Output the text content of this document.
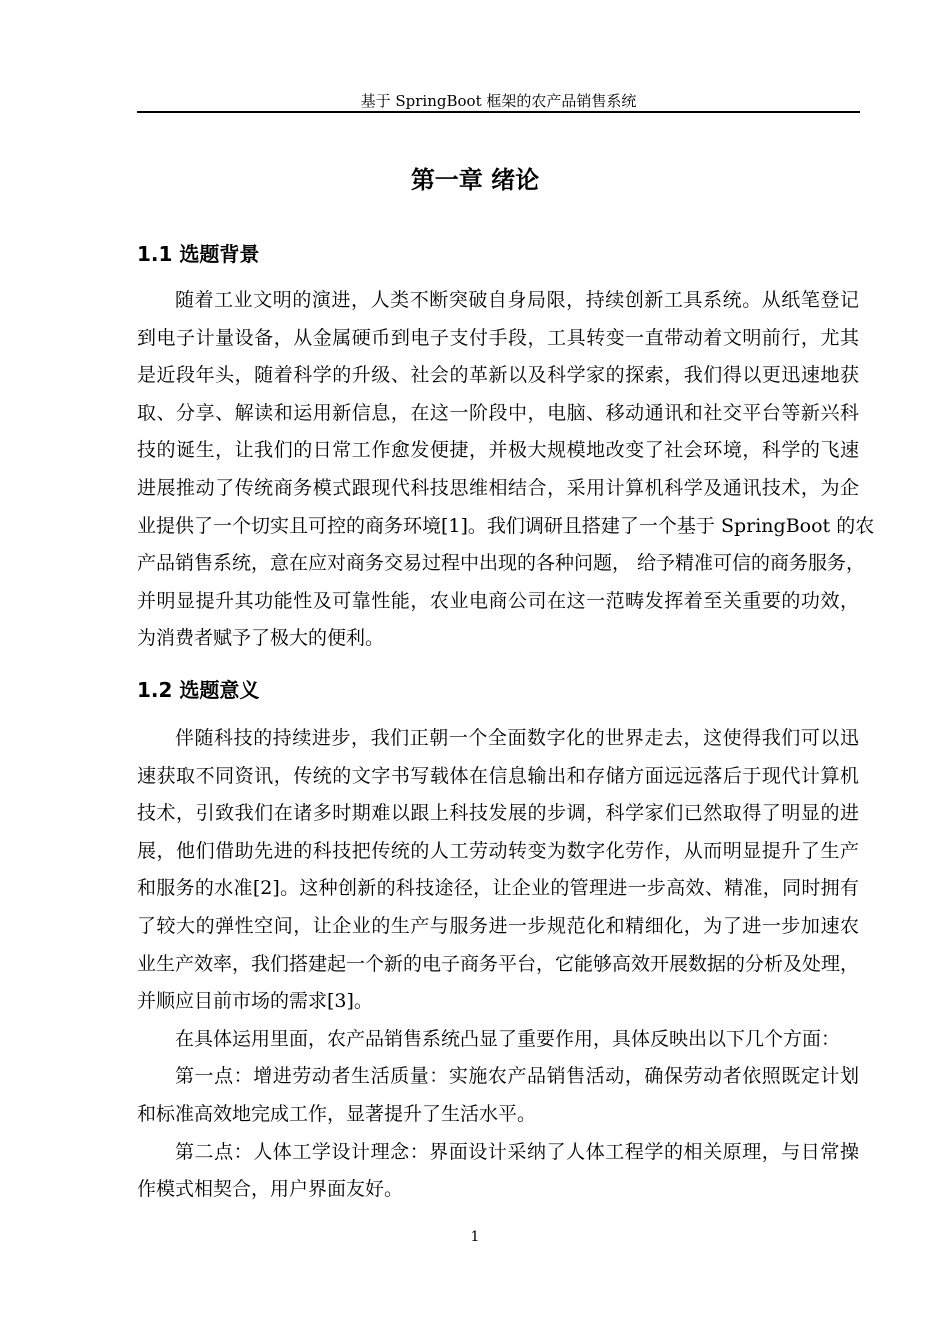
基于 SpringBoot 框架的农产品销售系统
第一章 绪论
1.1 选题背景
随着工业文明的演进，人类不断突破自身局限，持续创新工具系统。从纸笔登记
到电子计量设备，从金属硬币到电子支付手段，工具转变一直带动着文明前行，尤其
是近段年头，随着科学的升级、社会的革新以及科学家的探索，我们得以更迅速地获
取、分享、解读和运用新信息，在这一阶段中，电脑、移动通讯和社交平台等新兴科
技的诞生，让我们的日常工作愈发便捷，并极大规模地改变了社会环境，科学的飞速
进展推动了传统商务模式跟现代科技思维相结合，采用计算机科学及通讯技术，为企
业提供了一个切实且可控的商务环境[1]。我们调研且搭建了一个基于 SpringBoot 的农
产品销售系统，意在应对商务交易过程中出现的各种问题， 给予精准可信的商务服务，
并明显提升其功能性及可靠性能，农业电商公司在这一范畴发挥着至关重要的功效，
为消费者赋予了极大的便利。
1.2 选题意义
伴随科技的持续进步，我们正朝一个全面数字化的世界走去，这使得我们可以迅
速获取不同资讯，传统的文字书写载体在信息输出和存储方面远远落后于现代计算机
技术，引致我们在诸多时期难以跟上科技发展的步调，科学家们已然取得了明显的进
展，他们借助先进的科技把传统的人工劳动转变为数字化劳作，从而明显提升了生产
和服务的水准[2]。这种创新的科技途径，让企业的管理进一步高效、精准，同时拥有
了较大的弹性空间，让企业的生产与服务进一步规范化和精细化，为了进一步加速农
业生产效率，我们搭建起一个新的电子商务平台，它能够高效开展数据的分析及处理，
并顺应目前市场的需求[3]。
在具体运用里面，农产品销售系统凸显了重要作用，具体反映出以下几个方面：
第一点：增进劳动者生活质量：实施农产品销售活动，确保劳动者依照既定计划
和标准高效地完成工作，显著提升了生活水平。
第二点：人体工学设计理念：界面设计采纳了人体工程学的相关原理，与日常操
作模式相契合，用户界面友好。
1
